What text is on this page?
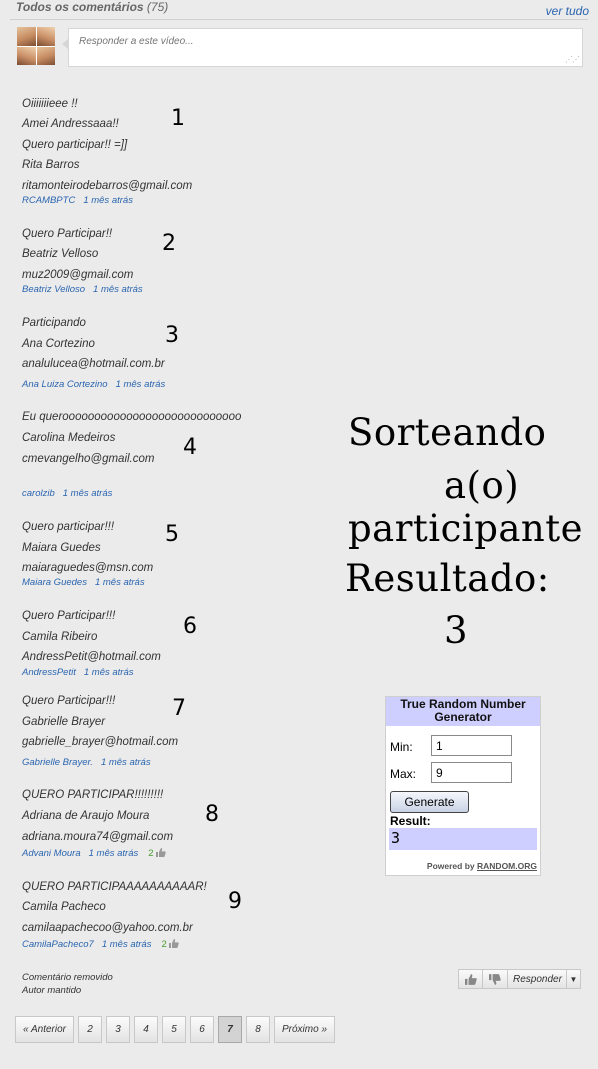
Todos os comentários (75)	ver tudo
Responder a este vídeo...
⋰⋰
Oiiiiiiieee !!
Amei Andressaaa!!
Quero participar!! =]]
Rita Barros
ritamonteirodebarros@gmail.com
RCAMBPTC 1 mês atrás
1
Quero Participar!!
Beatriz Velloso
muz2009@gmail.com
Beatriz Velloso 1 mês atrás
2
Participando
Ana Cortezino
analulucea@hotmail.com.br
Ana Luiza Cortezino 1 mês atrás
3
Eu queroooooooooooooooooooooooooooo
Carolina Medeiros
cmevangelho@gmail.com
carolzib 1 mês atrás
4
Quero participar!!!
Maiara Guedes
maiaraguedes@msn.com
Maiara Guedes 1 mês atrás
5
Quero Participar!!!
Camila Ribeiro
AndressPetit@hotmail.com
AndressPetit 1 mês atrás
6
Quero Participar!!!
Gabrielle Brayer
gabrielle_brayer@hotmail.com
Gabrielle Brayer. 1 mês atrás
7
QUERO PARTICIPAR!!!!!!!!!
Adriana de Araujo Moura
adriana.moura74@gmail.com
Advani Moura 1 mês atrás 2
8
QUERO PARTICIPAAAAAAAAAAR!
Camila Pacheco
camilaapachecoo@yahoo.com.br
CamilaPacheco7 1 mês atrás 2
9
Comentário removido
Autor mantido
Responder ▼
« Anterior	2	3	4	5	6	7	8	Próximo »
Sorteando
a(o)
participante
Resultado:
3
True Random Number Generator
Min:
1
Max:
9
Generate
Result:
3
Powered by RANDOM.ORG
